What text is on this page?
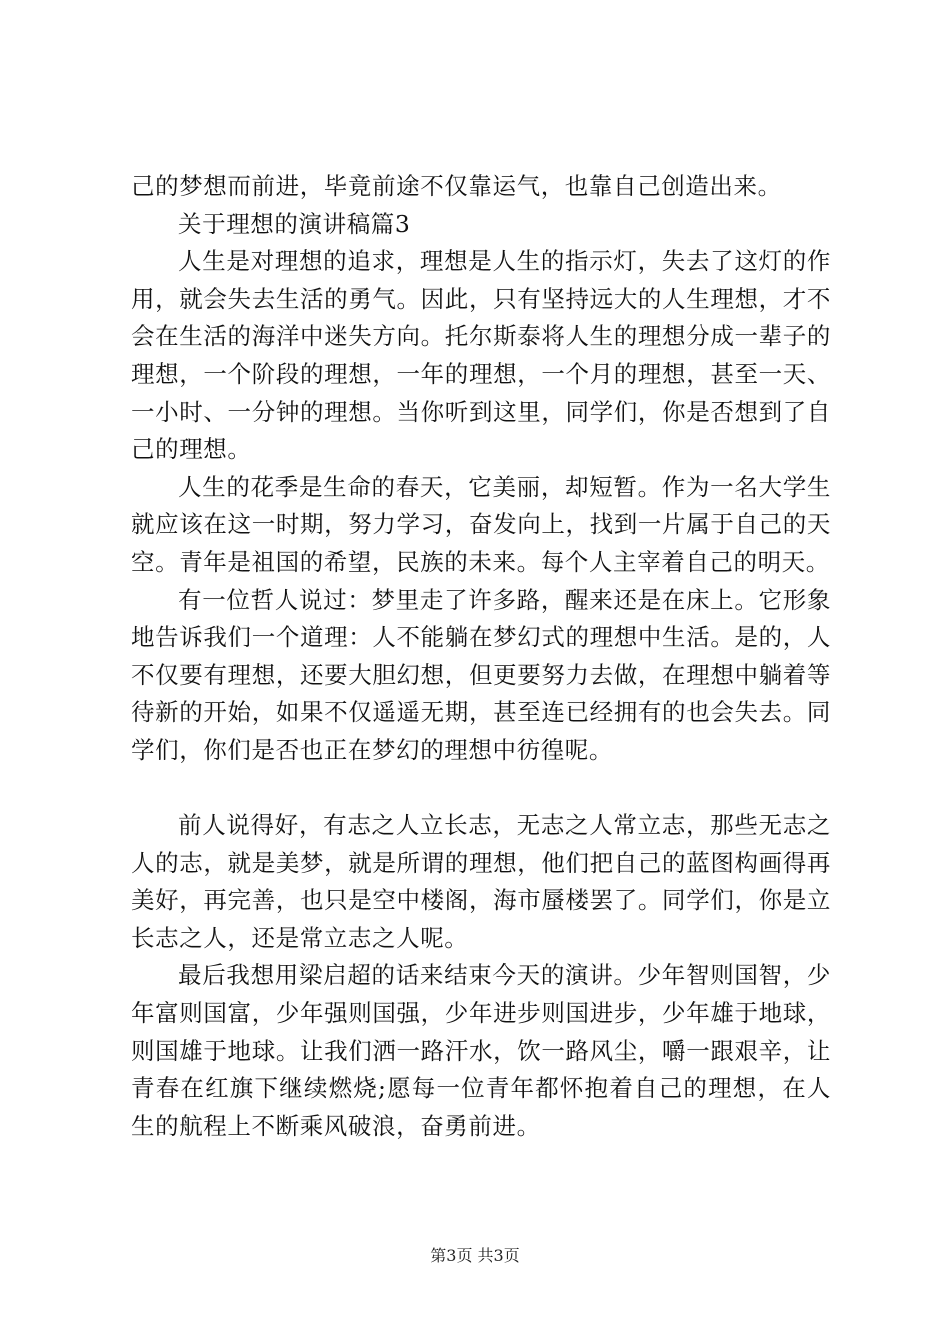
己的梦想而前进，毕竟前途不仅靠运气，也靠自己创造出来。

关于理想的演讲稿篇3

人生是对理想的追求，理想是人生的指示灯，失去了这灯的作用，就会失去生活的勇气。因此，只有坚持远大的人生理想，才不会在生活的海洋中迷失方向。托尔斯泰将人生的理想分成一辈子的理想，一个阶段的理想，一年的理想，一个月的理想，甚至一天、一小时、一分钟的理想。当你听到这里，同学们，你是否想到了自己的理想。

人生的花季是生命的春天，它美丽，却短暂。作为一名大学生就应该在这一时期，努力学习，奋发向上，找到一片属于自己的天空。青年是祖国的希望，民族的未来。每个人主宰着自己的明天。

有一位哲人说过：梦里走了许多路，醒来还是在床上。它形象地告诉我们一个道理：人不能躺在梦幻式的理想中生活。是的，人不仅要有理想，还要大胆幻想，但更要努力去做，在理想中躺着等待新的开始，如果不仅遥遥无期，甚至连已经拥有的也会失去。同学们，你们是否也正在梦幻的理想中彷徨呢。

前人说得好，有志之人立长志，无志之人常立志，那些无志之人的志，就是美梦，就是所谓的理想，他们把自己的蓝图构画得再美好，再完善，也只是空中楼阁，海市蜃楼罢了。同学们，你是立长志之人，还是常立志之人呢。

最后我想用梁启超的话来结束今天的演讲。少年智则国智，少年富则国富，少年强则国强，少年进步则国进步，少年雄于地球，则国雄于地球。让我们洒一路汗水，饮一路风尘，嚼一跟艰辛，让青春在红旗下继续燃烧;愿每一位青年都怀抱着自己的理想，在人生的航程上不断乘风破浪，奋勇前进。

第3页 共3页
